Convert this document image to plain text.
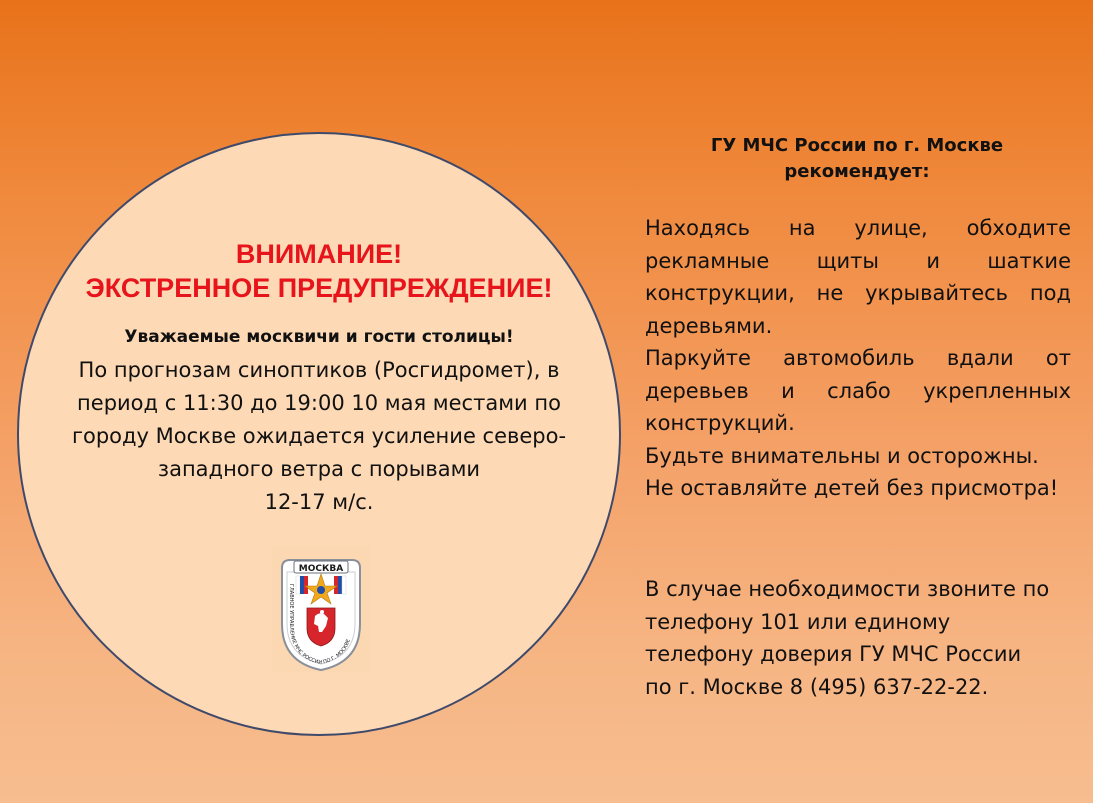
ВНИМАНИЕ!
ЭКСТРЕННОЕ ПРЕДУПРЕЖДЕНИЕ!
Уважаемые москвичи и гости столицы!
По прогнозам синоптиков (Росгидромет), в
период с 11:30 до 19:00 10 мая местами по
городу Москве ожидается усиление северо-
западного ветра с порывами
12-17 м/с.
МОСКВА
ГЛАВНОЕ УПРАВЛЕНИЕ МЧС РОССИИ ПО Г. МОСКВЕ
ГУ МЧС России по г. Москве
рекомендует:
Находясь на улице, обходите рекламные щиты и шаткие конструкции, не укрывайтесь под деревьями.
Паркуйте автомобиль вдали от деревьев и слабо укрепленных конструкций.
Будьте внимательны и осторожны.
Не оставляйте детей без присмотра!
В случае необходимости звоните по
телефону 101 или единому
телефону доверия ГУ МЧС России
по г. Москве 8 (495) 637-22-22.
